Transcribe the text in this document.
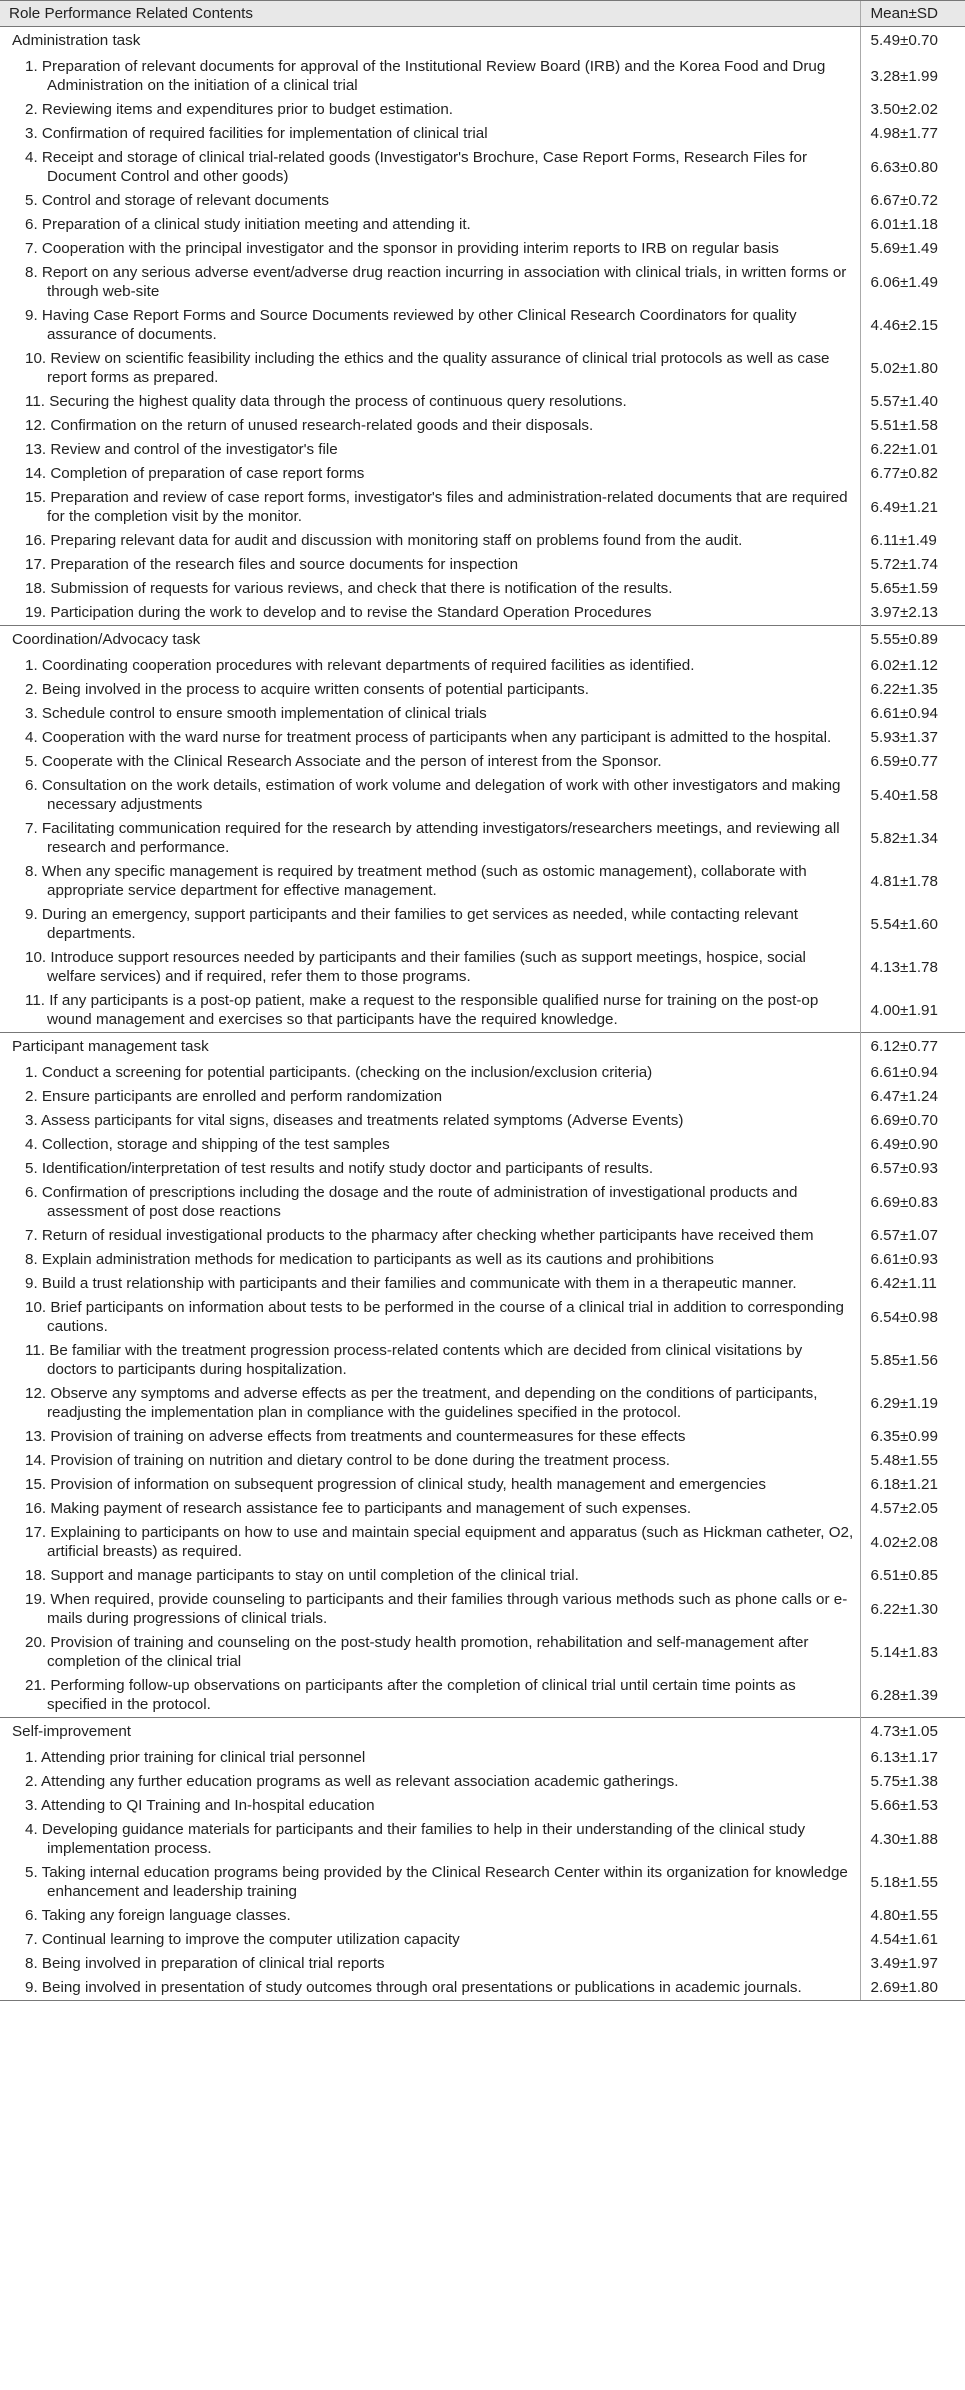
Role Performance Related Contents	Mean±SD
Administration task	5.49±0.70

1. Preparation of relevant documents for approval of the Institutional Review Board (IRB) and the Korea Food and Drug Administration on the initiation of a clinical trial	3.28±1.99

2. Reviewing items and expenditures prior to budget estimation.	3.50±2.02

3. Confirmation of required facilities for implementation of clinical trial	4.98±1.77

4. Receipt and storage of clinical trial-related goods (Investigator's Brochure, Case Report Forms, Research Files for Document Control and other goods)	6.63±0.80

5. Control and storage of relevant documents	6.67±0.72

6. Preparation of a clinical study initiation meeting and attending it.	6.01±1.18

7. Cooperation with the principal investigator and the sponsor in providing interim reports to IRB on regular basis	5.69±1.49

8. Report on any serious adverse event/adverse drug reaction incurring in association with clinical trials, in written forms or through web-site	6.06±1.49

9. Having Case Report Forms and Source Documents reviewed by other Clinical Research Coordinators for quality assurance of documents.	4.46±2.15

10. Review on scientific feasibility including the ethics and the quality assurance of clinical trial protocols as well as case report forms as prepared.	5.02±1.80

11. Securing the highest quality data through the process of continuous query resolutions.	5.57±1.40

12. Confirmation on the return of unused research-related goods and their disposals.	5.51±1.58

13. Review and control of the investigator's file	6.22±1.01

14. Completion of preparation of case report forms	6.77±0.82

15. Preparation and review of case report forms, investigator's files and administration-related documents that are required for the completion visit by the monitor.	6.49±1.21

16. Preparing relevant data for audit and discussion with monitoring staff on problems found from the audit.	6.11±1.49

17. Preparation of the research files and source documents for inspection	5.72±1.74

18. Submission of requests for various reviews, and check that there is notification of the results.	5.65±1.59

19. Participation during the work to develop and to revise the Standard Operation Procedures	3.97±2.13
Coordination/Advocacy task	5.55±0.89

1. Coordinating cooperation procedures with relevant departments of required facilities as identified.	6.02±1.12

2. Being involved in the process to acquire written consents of potential participants.	6.22±1.35

3. Schedule control to ensure smooth implementation of clinical trials	6.61±0.94

4. Cooperation with the ward nurse for treatment process of participants when any participant is admitted to the hospital.	5.93±1.37

5. Cooperate with the Clinical Research Associate and the person of interest from the Sponsor.	6.59±0.77

6. Consultation on the work details, estimation of work volume and delegation of work with other investigators and making necessary adjustments	5.40±1.58

7. Facilitating communication required for the research by attending investigators/researchers meetings, and reviewing all research and performance.	5.82±1.34

8. When any specific management is required by treatment method (such as ostomic management), collaborate with appropriate service department for effective management.	4.81±1.78

9. During an emergency, support participants and their families to get services as needed, while contacting relevant departments.	5.54±1.60

10. Introduce support resources needed by participants and their families (such as support meetings, hospice, social welfare services) and if required, refer them to those programs.	4.13±1.78

11. If any participants is a post-op patient, make a request to the responsible qualified nurse for training on the post-op wound management and exercises so that participants have the required knowledge.	4.00±1.91
Participant management task	6.12±0.77

1. Conduct a screening for potential participants. (checking on the inclusion/exclusion criteria)	6.61±0.94

2. Ensure participants are enrolled and perform randomization	6.47±1.24

3. Assess participants for vital signs, diseases and treatments related symptoms (Adverse Events)	6.69±0.70

4. Collection, storage and shipping of the test samples	6.49±0.90

5. Identification/interpretation of test results and notify study doctor and participants of results.	6.57±0.93

6. Confirmation of prescriptions including the dosage and the route of administration of investigational products and assessment of post dose reactions	6.69±0.83

7. Return of residual investigational products to the pharmacy after checking whether participants have received them	6.57±1.07

8. Explain administration methods for medication to participants as well as its cautions and prohibitions	6.61±0.93

9. Build a trust relationship with participants and their families and communicate with them in a therapeutic manner.	6.42±1.11

10. Brief participants on information about tests to be performed in the course of a clinical trial in addition to corresponding cautions.	6.54±0.98

11. Be familiar with the treatment progression process-related contents which are decided from clinical visitations by doctors to participants during hospitalization.	5.85±1.56

12. Observe any symptoms and adverse effects as per the treatment, and depending on the conditions of participants, readjusting the implementation plan in compliance with the guidelines specified in the protocol.	6.29±1.19

13. Provision of training on adverse effects from treatments and countermeasures for these effects	6.35±0.99

14. Provision of training on nutrition and dietary control to be done during the treatment process.	5.48±1.55

15. Provision of information on subsequent progression of clinical study, health management and emergencies	6.18±1.21

16. Making payment of research assistance fee to participants and management of such expenses.	4.57±2.05

17. Explaining to participants on how to use and maintain special equipment and apparatus (such as Hickman catheter, O2, artificial breasts) as required.	4.02±2.08

18. Support and manage participants to stay on until completion of the clinical trial.	6.51±0.85

19. When required, provide counseling to participants and their families through various methods such as phone calls or e-mails during progressions of clinical trials.	6.22±1.30

20. Provision of training and counseling on the post-study health promotion, rehabilitation and self-management after completion of the clinical trial	5.14±1.83

21. Performing follow-up observations on participants after the completion of clinical trial until certain time points as specified in the protocol.	6.28±1.39
Self-improvement	4.73±1.05

1. Attending prior training for clinical trial personnel	6.13±1.17

2. Attending any further education programs as well as relevant association academic gatherings.	5.75±1.38

3. Attending to QI Training and In-hospital education	5.66±1.53

4. Developing guidance materials for participants and their families to help in their understanding of the clinical study implementation process.	4.30±1.88

5. Taking internal education programs being provided by the Clinical Research Center within its organization for knowledge enhancement and leadership training	5.18±1.55

6. Taking any foreign language classes.	4.80±1.55

7. Continual learning to improve the computer utilization capacity	4.54±1.61

8. Being involved in preparation of clinical trial reports	3.49±1.97

9. Being involved in presentation of study outcomes through oral presentations or publications in academic journals.	2.69±1.80
